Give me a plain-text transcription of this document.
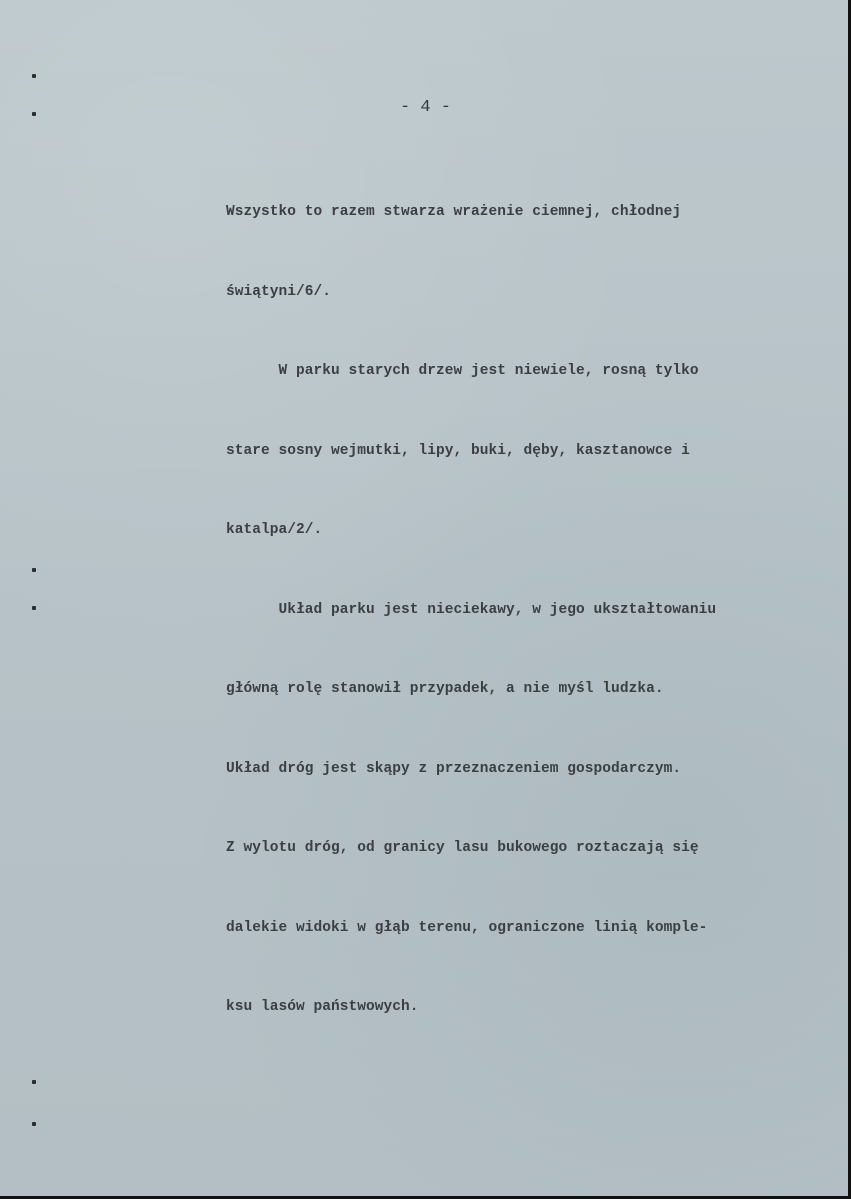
- 4 -

Wszystko to razem stwarza wrażenie ciemnej, chłodnej

świątyni/6/.

W parku starych drzew jest niewiele, rosną tylko

stare sosny wejmutki, lipy, buki, dęby, kasztanowce i

katalpa/2/.

Układ parku jest nieciekawy, w jego ukształtowaniu

główną rolę stanowił przypadek, a nie myśl ludzka.

Układ dróg jest skąpy z przeznaczeniem gospodarczym.

Z wylotu dróg, od granicy lasu bukowego roztaczają się

dalekie widoki w głąb terenu, ograniczone linią komple-

ksu lasów państwowych.
